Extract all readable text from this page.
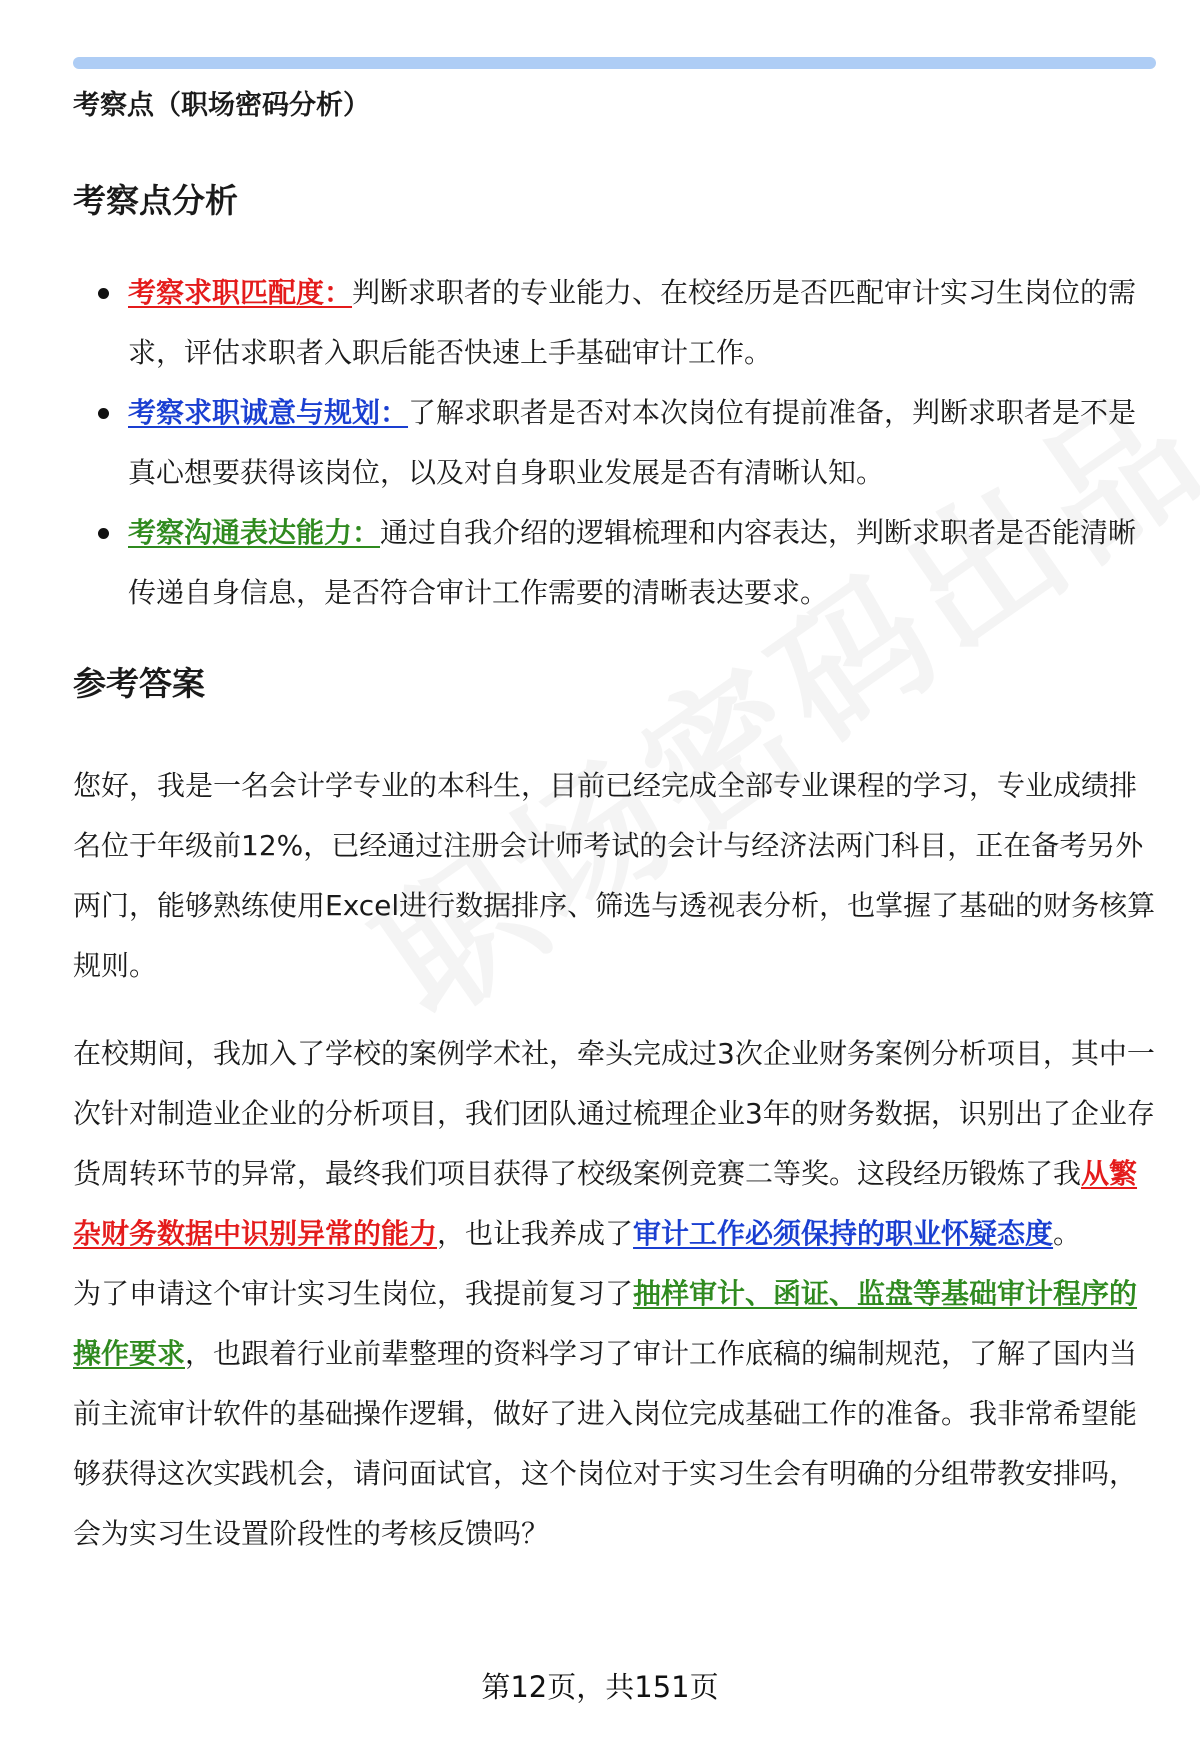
考察点（职场密码分析）
考察点分析
考察求职匹配度：判断求职者的专业能力、在校经历是否匹配审计实习生岗位的需求，评估求职者入职后能否快速上手基础审计工作。
考察求职诚意与规划：了解求职者是否对本次岗位有提前准备，判断求职者是不是真心想要获得该岗位，以及对自身职业发展是否有清晰认知。
考察沟通表达能力：通过自我介绍的逻辑梳理和内容表达，判断求职者是否能清晰传递自身信息，是否符合审计工作需要的清晰表达要求。
参考答案

您好，我是一名会计学专业的本科生，目前已经完成全部专业课程的学习，专业成绩排名位于年级前12%，已经通过注册会计师考试的会计与经济法两门科目，正在备考另外两门，能够熟练使用Excel进行数据排序、筛选与透视表分析，也掌握了基础的财务核算规则。

在校期间，我加入了学校的案例学术社，牵头完成过3次企业财务案例分析项目，其中一次针对制造业企业的分析项目，我们团队通过梳理企业3年的财务数据，识别出了企业存货周转环节的异常，最终我们项目获得了校级案例竞赛二等奖。这段经历锻炼了我从繁杂财务数据中识别异常的能力，也让我养成了审计工作必须保持的职业怀疑态度。

为了申请这个审计实习生岗位，我提前复习了抽样审计、函证、监盘等基础审计程序的操作要求，也跟着行业前辈整理的资料学习了审计工作底稿的编制规范，了解了国内当前主流审计软件的基础操作逻辑，做好了进入岗位完成基础工作的准备。我非常希望能够获得这次实践机会，请问面试官，这个岗位对于实习生会有明确的分组带教安排吗，会为实习生设置阶段性的考核反馈吗？

第12页，共151页
